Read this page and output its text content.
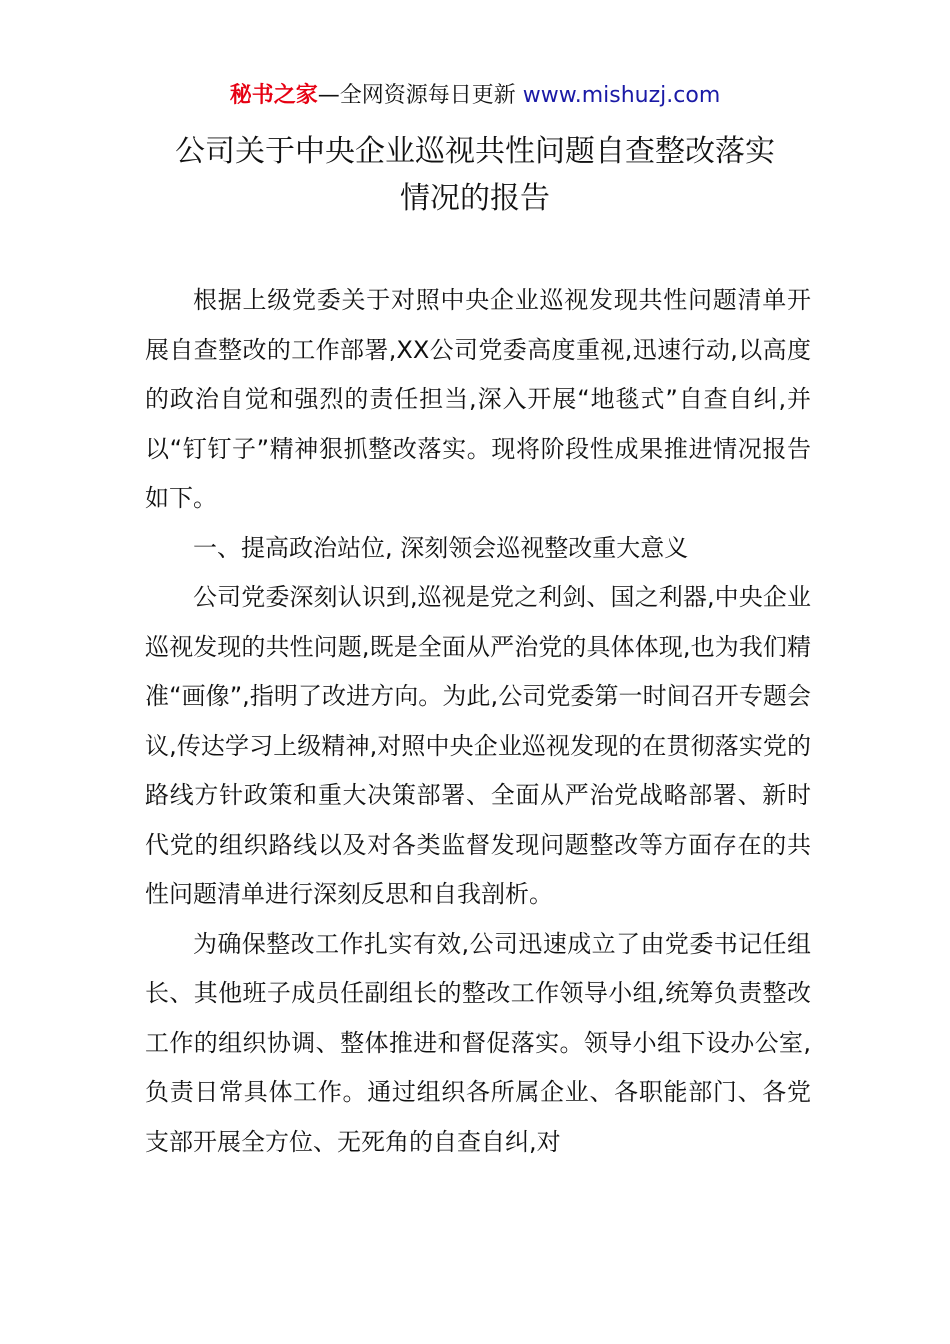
秘书之家—全网资源每日更新 www.mishuzj.com
公司关于中央企业巡视共性问题自查整改落实
情况的报告

根据上级党委关于对照中央企业巡视发现共性问题清单开展自查整改的工作部署,XX公司党委高度重视,迅速行动,以高度的政治自觉和强烈的责任担当,深入开展“地毯式”自查自纠,并以“钉钉子”精神狠抓整改落实。现将阶段性成果推进情况报告如下。

一、提高政治站位, 深刻领会巡视整改重大意义

公司党委深刻认识到,巡视是党之利剑、国之利器,中央企业巡视发现的共性问题,既是全面从严治党的具体体现,也为我们精准“画像”,指明了改进方向。为此,公司党委第一时间召开专题会议,传达学习上级精神,对照中央企业巡视发现的在贯彻落实党的路线方针政策和重大决策部署、全面从严治党战略部署、新时代党的组织路线以及对各类监督发现问题整改等方面存在的共性问题清单进行深刻反思和自我剖析。

为确保整改工作扎实有效,公司迅速成立了由党委书记任组长、其他班子成员任副组长的整改工作领导小组,统筹负责整改工作的组织协调、整体推进和督促落实。领导小组下设办公室,负责日常具体工作。通过组织各所属企业、各职能部门、各党支部开展全方位、无死角的自查自纠,对
